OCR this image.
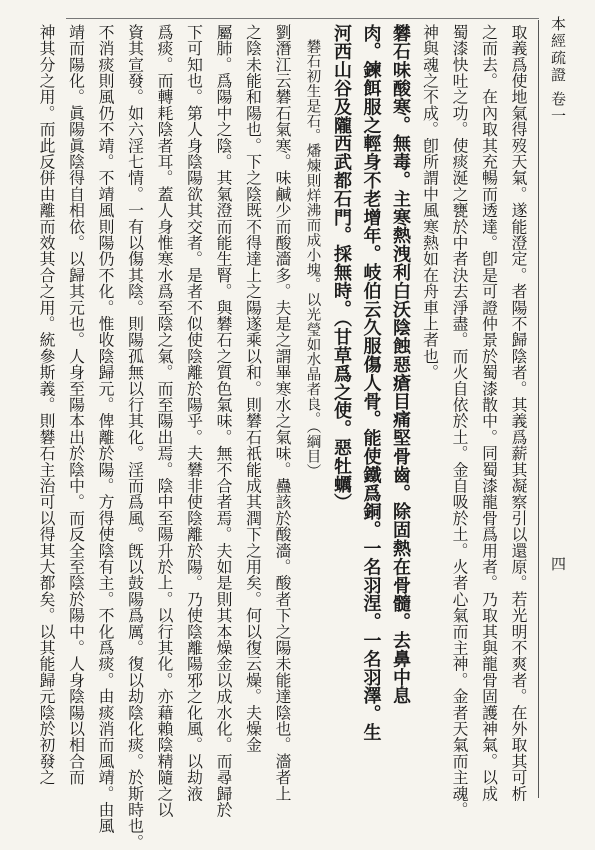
本經疏證 卷一
四
取義爲使地氣得歿天氣。遂能澄定。者陽不歸陰者。其義爲薪其凝察引以還原。若光明不爽者。在外取其可析
之而去。在內取其充暢而透達。卽是可證仲景於蜀漆散中。同蜀漆龍骨爲用者。乃取其與龍骨固護神氣。以成
蜀漆快吐之功。使痰涎之甕於中者決去淨盡。而火自依於土。金自吸於土。火者心氣而主神。金者天氣而主魂。
神與魂之不成。卽所謂中風寒熱如在舟車上者也。
礬石味酸寒。無毒。主寒熱洩利白沃陰蝕惡瘡目痛堅骨齒。除固熱在骨髓。去鼻中息
肉。鍊餌服之輕身不老增年。岐伯云久服傷人骨。能使鐵爲銅。一名羽涅。一名羽澤。生
河西山谷及隴西武都石門。採無時。（甘草爲之使。惡牡蠣）
礬石初生是石。燔煉則烊沸而成小塊。以光瑩如水晶者良。（綱目）
劉潛江云礬石氣寒。味鹹少而酸濇多。夫是之謂畢寒水之氣味。蠱該於酸濇。酸者下之陽未能達陰也。濇者上
之陰未能和陽也。下之陰既不得達上之陽遂乘以和。則礬石祇能成其潤下之用矣。何以復云燥。夫燥金
屬肺。爲陽中之陰。其氣澄而能生腎。與礬石之質色氣味。無不合者焉。夫如是則其本燥金以成水化。而尋歸於
下可知也。第人身陰陽欲其交者。是者不似使陰離於陽乎。夫礬非使陰離於陽。乃使陰離陽邪之化風。以劫液
爲痰。而轉耗陰者耳。蓋人身惟寒水爲至陰之氣。而至陽出焉。陰中至陽升於上。以行其化。亦藉賴陰精隨之以
資其宣發。如六淫七情。一有以傷其陰。則陽孤無以行其化。淫而爲風。旣以鼓陽爲厲。復以劫陰化痰。於斯時也。
不消痰則風仍不靖。不靖風則陽仍不化。惟收陰歸元。俾離於陽。方得使陰有主。不化爲痰。由痰消而風靖。由風
靖而陽化。眞陽眞陰得自相依。以歸其元也。人身至陽本出於陰中。而反全至陰於陽中。人身陰陽以相合而
神其分之用。而此反併由離而效其合之用。統參斯義。則礬石主治可以得其大都矣。以其能歸元陰於初發之
